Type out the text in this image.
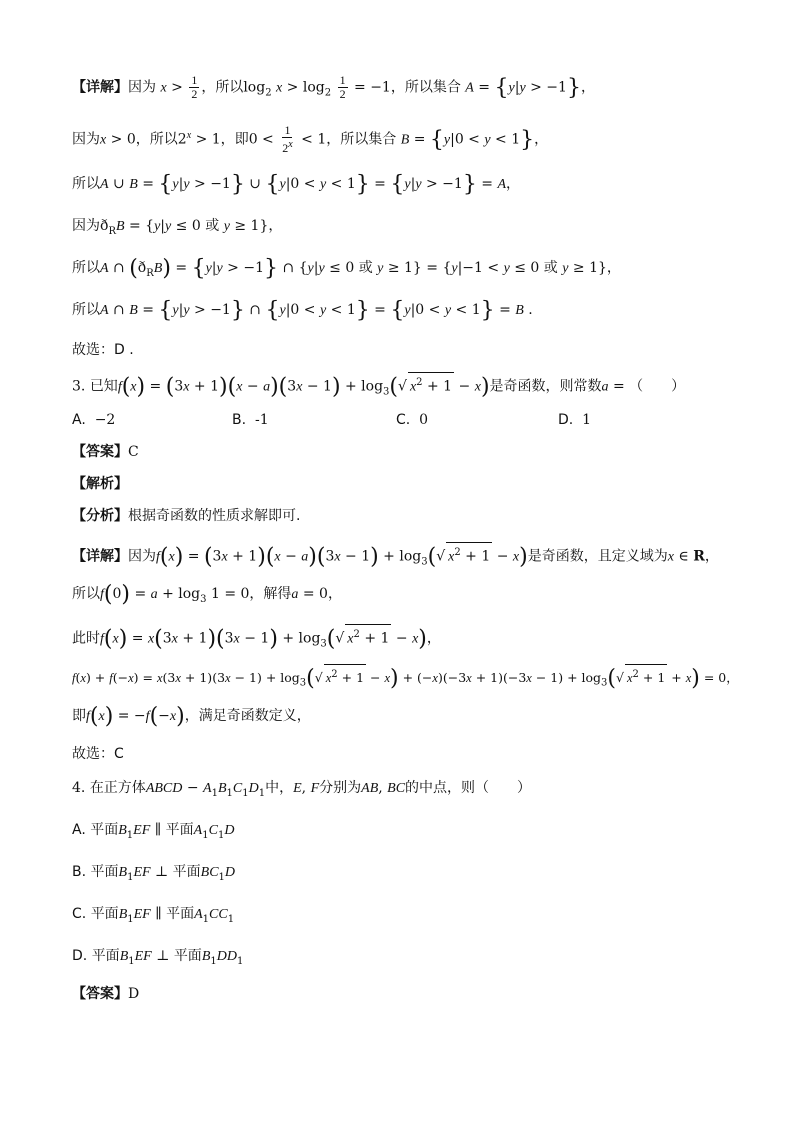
【详解】因为 $x > \frac{1}{2}$ ，所以$\log_2 x > \log_2 \frac{1}{2} = -1$，所以集合 A = {y|y > −1}，
因为x > 0，所以$2^x > 1$，即$0 < \frac{1}{2^x} < 1$，所以集合 B = {y|0 < y < 1}，
所以A ∪ B = {y|y > −1} ∪ {y|0 < y < 1} = {y|y > −1} = A，
因为$ð_RB = \{y|y \le 0$ 或 y ≥ 1}，
所以A ∩ $(ð_RB) = \{y|y > -1\}$ ∩ {y|y ≤ 0 或 y ≥ 1} = {y|−1 < y ≤ 0 或 y ≥ 1}，
所以A ∩ B = {y|y > −1} ∩ {y|0 < y < 1} = {y|0 < y < 1} = B .
故选：D .
3. 已知$f(x) = (3x + 1)(x - a)(3x - 1) + \log_3(√$ $x^2 + 1 - x$)是奇函数，则常数a = （　　）
A. −2	B. -1	C. 0	D. 1
【答案】C
【解析】
【分析】根据奇函数的性质求解即可.
【详解】因为$f(x) = (3x + 1)(x - a)(3x - 1) + \log_3(√$ $x^2 + 1 - x$)是奇函数，且定义域为x ∈ R，
所以$f(0) = a + \log_3 1 = 0$，解得a = 0，
此时$f(x) = x(3x + 1)(3x - 1) + \log_3(√$ $x^2 + 1 - x$)，
$f(x) + f(-x) = x(3x + 1)(3x - 1) + \log_3(√$ $x^2 + 1 - x) + (-x)(-3x + 1)(-3x - 1) + \log_3(√$ $x^2 + 1 + x) = 0$，
即f(x) = −f(−x)，满足奇函数定义，
故选：C
4. 在正方体ABCD − $A_1B_1C_1D_1$中，E, F分别为AB, BC的中点，则（　　）
A. 平面$B_1EF$ ∥ 平面$A_1C_1D$
B. 平面$B_1EF$ ⊥ 平面$BC_1D$
C. 平面$B_1EF$ ∥ 平面$A_1CC_1$
D. 平面$B_1EF$ ⊥ 平面$B_1DD_1$
【答案】D
